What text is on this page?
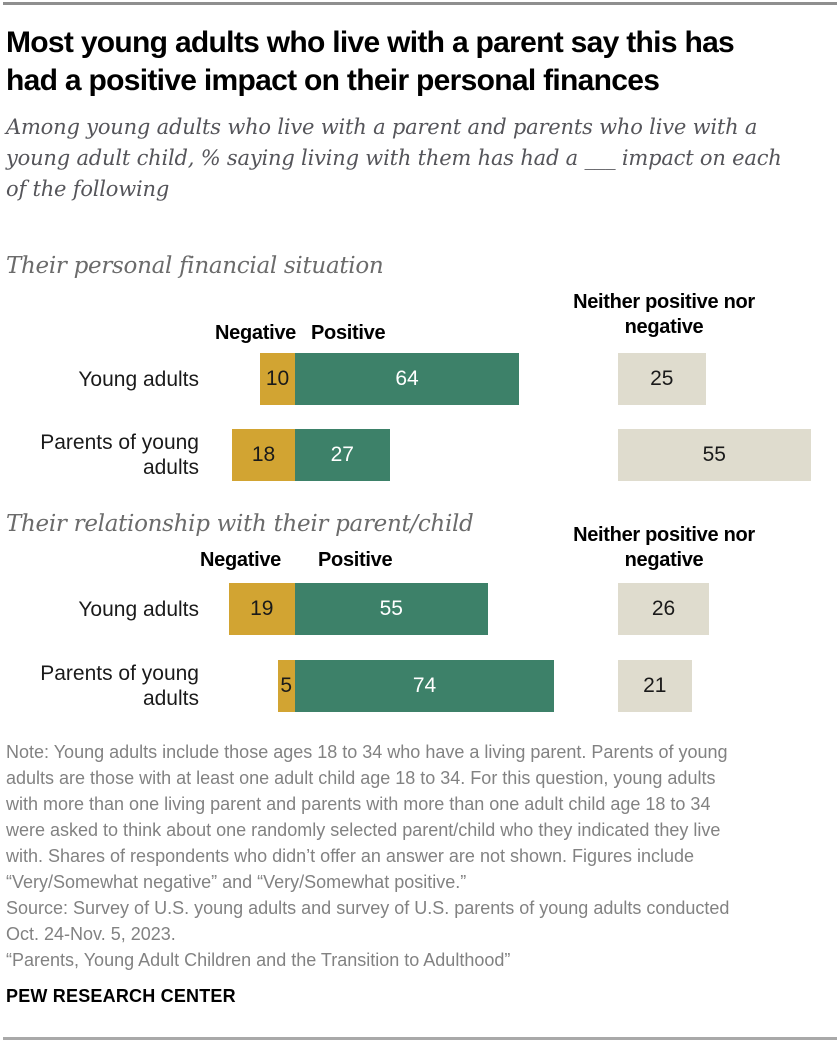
Most young adults who live with a parent say this has
had a positive impact on their personal finances
Among young adults who live with a parent and parents who live with a
young adult child, % saying living with them has had a ___ impact on each
of the following
Their personal financial situation
Neither positive nor
negative
Negative Positive
Young adults	10	64	25
Parents of young
adults
18	27	55
Their relationship with their parent/child	Neither positive nor
negative
Negative Positive
Young adults 19	55	26
Parents of young
adults
5	74	21
Note: Young adults include those ages 18 to 34 who have a living parent. Parents of young
adults are those with at least one adult child age 18 to 34. For this question, young adults
with more than one living parent and parents with more than one adult child age 18 to 34
were asked to think about one randomly selected parent/child who they indicated they live
with. Shares of respondents who didn’t offer an answer are not shown. Figures include
“Very/Somewhat negative” and “Very/Somewhat positive.”
Source: Survey of U.S. young adults and survey of U.S. parents of young adults conducted
Oct. 24-Nov. 5, 2023.
“Parents, Young Adult Children and the Transition to Adulthood”
PEW RESEARCH CENTER
